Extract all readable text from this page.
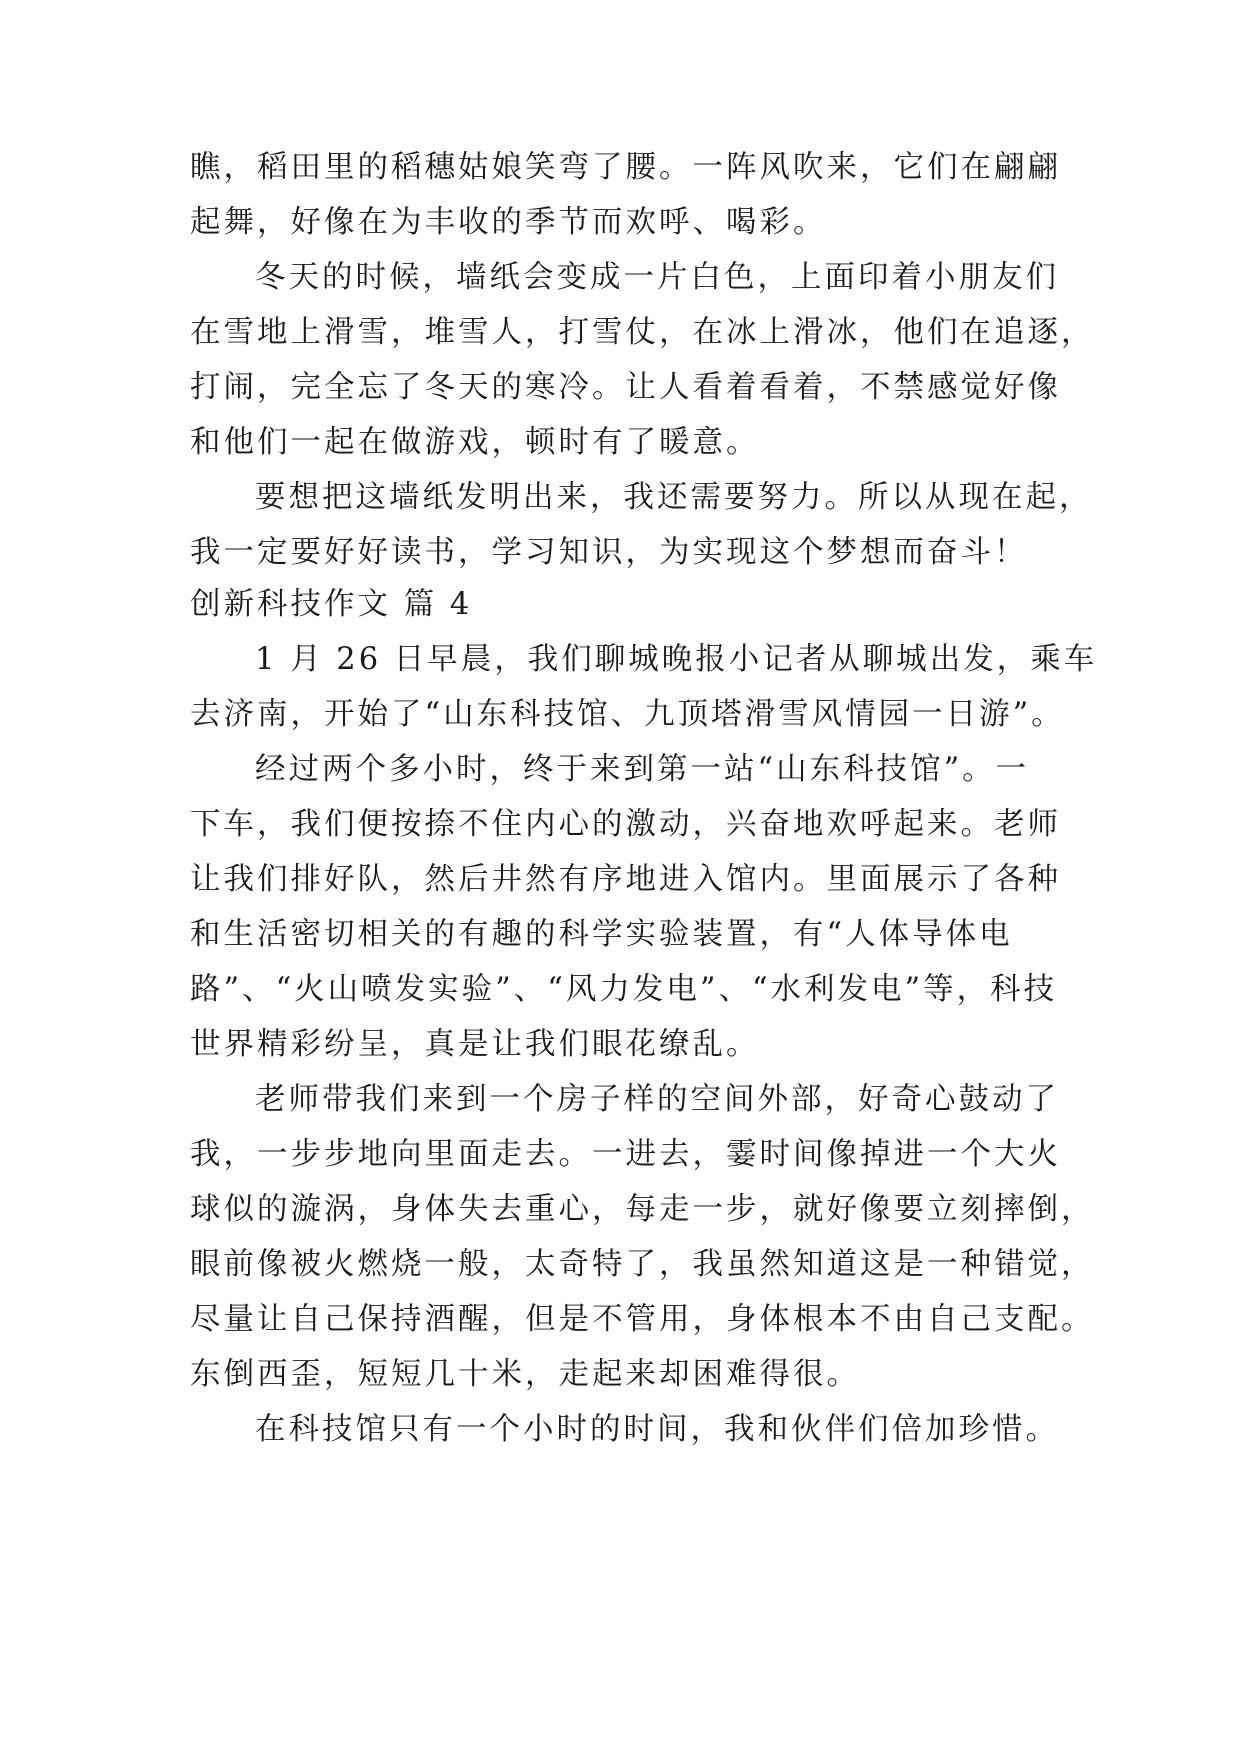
瞧，稻田里的稻穗姑娘笑弯了腰。一阵风吹来，它们在翩翩
起舞，好像在为丰收的季节而欢呼、喝彩。
冬天的时候，墙纸会变成一片白色，上面印着小朋友们
在雪地上滑雪，堆雪人，打雪仗，在冰上滑冰，他们在追逐，
打闹，完全忘了冬天的寒冷。让人看着看着，不禁感觉好像
和他们一起在做游戏，顿时有了暖意。
要想把这墙纸发明出来，我还需要努力。所以从现在起，
我一定要好好读书，学习知识，为实现这个梦想而奋斗！
创新科技作文 篇 4
1 月 26 日早晨，我们聊城晚报小记者从聊城出发，乘车
去济南，开始了“山东科技馆、九顶塔滑雪风情园一日游”。
经过两个多小时，终于来到第一站“山东科技馆”。一
下车，我们便按捺不住内心的激动，兴奋地欢呼起来。老师
让我们排好队，然后井然有序地进入馆内。里面展示了各种
和生活密切相关的有趣的科学实验装置，有“人体导体电
路”、“火山喷发实验”、“风力发电”、“水利发电”等，科技
世界精彩纷呈，真是让我们眼花缭乱。
老师带我们来到一个房子样的空间外部，好奇心鼓动了
我，一步步地向里面走去。一进去，霎时间像掉进一个大火
球似的漩涡，身体失去重心，每走一步，就好像要立刻摔倒，
眼前像被火燃烧一般，太奇特了，我虽然知道这是一种错觉，
尽量让自己保持酒醒，但是不管用，身体根本不由自己支配。
东倒西歪，短短几十米，走起来却困难得很。
在科技馆只有一个小时的时间，我和伙伴们倍加珍惜。
